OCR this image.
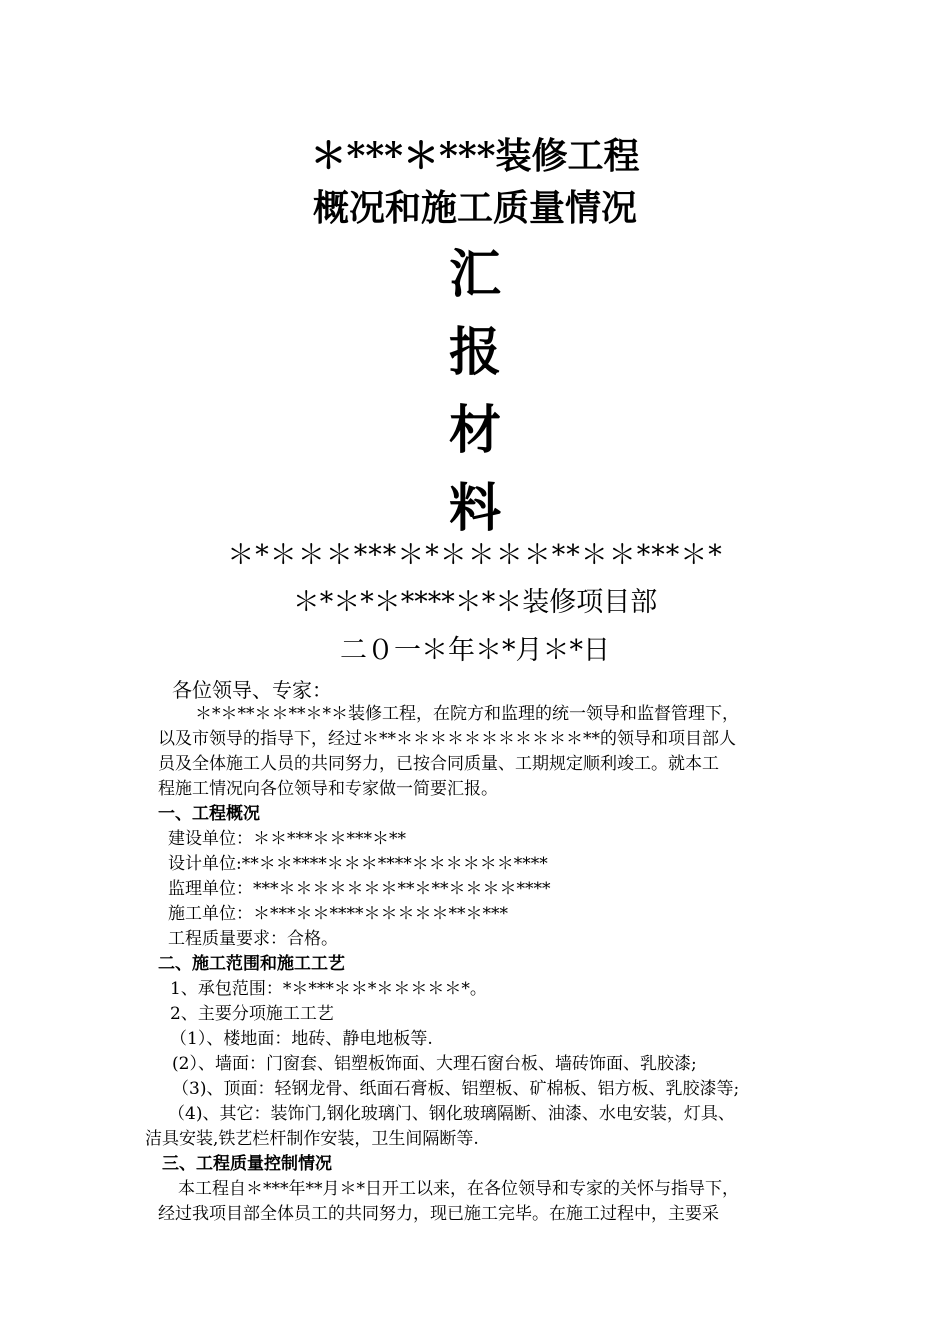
＊***＊***装修工程
概况和施工质量情况
汇
报
材
料
＊*＊＊＊***＊*＊＊＊＊**＊＊***＊*
＊*＊*＊****＊*＊装修项目部
二０一＊年＊*月＊*日
各位领导、专家：
＊*＊**＊＊**＊*＊装修工程，在院方和监理的统一领导和监督管理下，
以及市领导的指导下，经过＊**＊＊＊＊＊＊＊＊＊＊＊**的领导和项目部人
员及全体施工人员的共同努力，已按合同质量、工期规定顺利竣工。就本工
程施工情况向各位领导和专家做一简要汇报。
一、工程概况
建设单位：＊＊***＊＊***＊**
设计单位:**＊＊****＊＊＊****＊＊＊＊＊＊****
监理单位：***＊＊＊＊＊＊＊**＊**＊＊＊＊****
施工单位：＊***＊＊****＊＊＊＊＊**＊***
工程质量要求：合格。
二、施工范围和施工工艺
1、承包范围：*＊***＊＊*＊＊＊＊＊*。
2、主要分项施工工艺
（1）、楼地面：地砖、静电地板等.
(2）、墙面：门窗套、铝塑板饰面、大理石窗台板、墙砖饰面、乳胶漆;
（3)、顶面：轻钢龙骨、纸面石膏板、铝塑板、矿棉板、铝方板、乳胶漆等;
（4)、其它：装饰门,钢化玻璃门、钢化玻璃隔断、油漆、水电安装，灯具、
洁具安装,铁艺栏杆制作安装，卫生间隔断等.
三、工程质量控制情况
本工程自＊***年**月＊*日开工以来，在各位领导和专家的关怀与指导下，
经过我项目部全体员工的共同努力，现已施工完毕。在施工过程中，主要采
